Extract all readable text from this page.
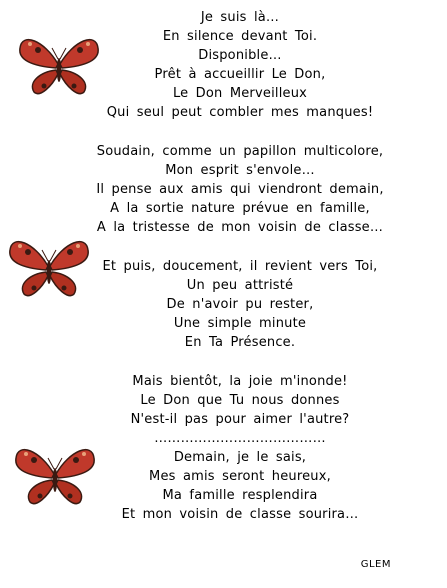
Je suis là…
En silence devant Toi.
Disponible…
Prêt à accueillir Le Don,
Le Don Merveilleux
Qui seul peut combler mes manques!
Soudain, comme un papillon multicolore,
Mon esprit s'envole…
Il pense aux amis qui viendront demain,
A la sortie nature prévue en famille,
A la tristesse de mon voisin de classe…
Et puis, doucement, il revient vers Toi,
Un peu attristé
De n'avoir pu rester,
Une simple minute
En Ta Présence.
Mais bientôt, la joie m'inonde!
Le Don que Tu nous donnes
N'est-il pas pour aimer l'autre?
…………………………………
Demain, je le sais,
Mes amis seront heureux,
Ma famille resplendira
Et mon voisin de classe sourira…
GLEM
